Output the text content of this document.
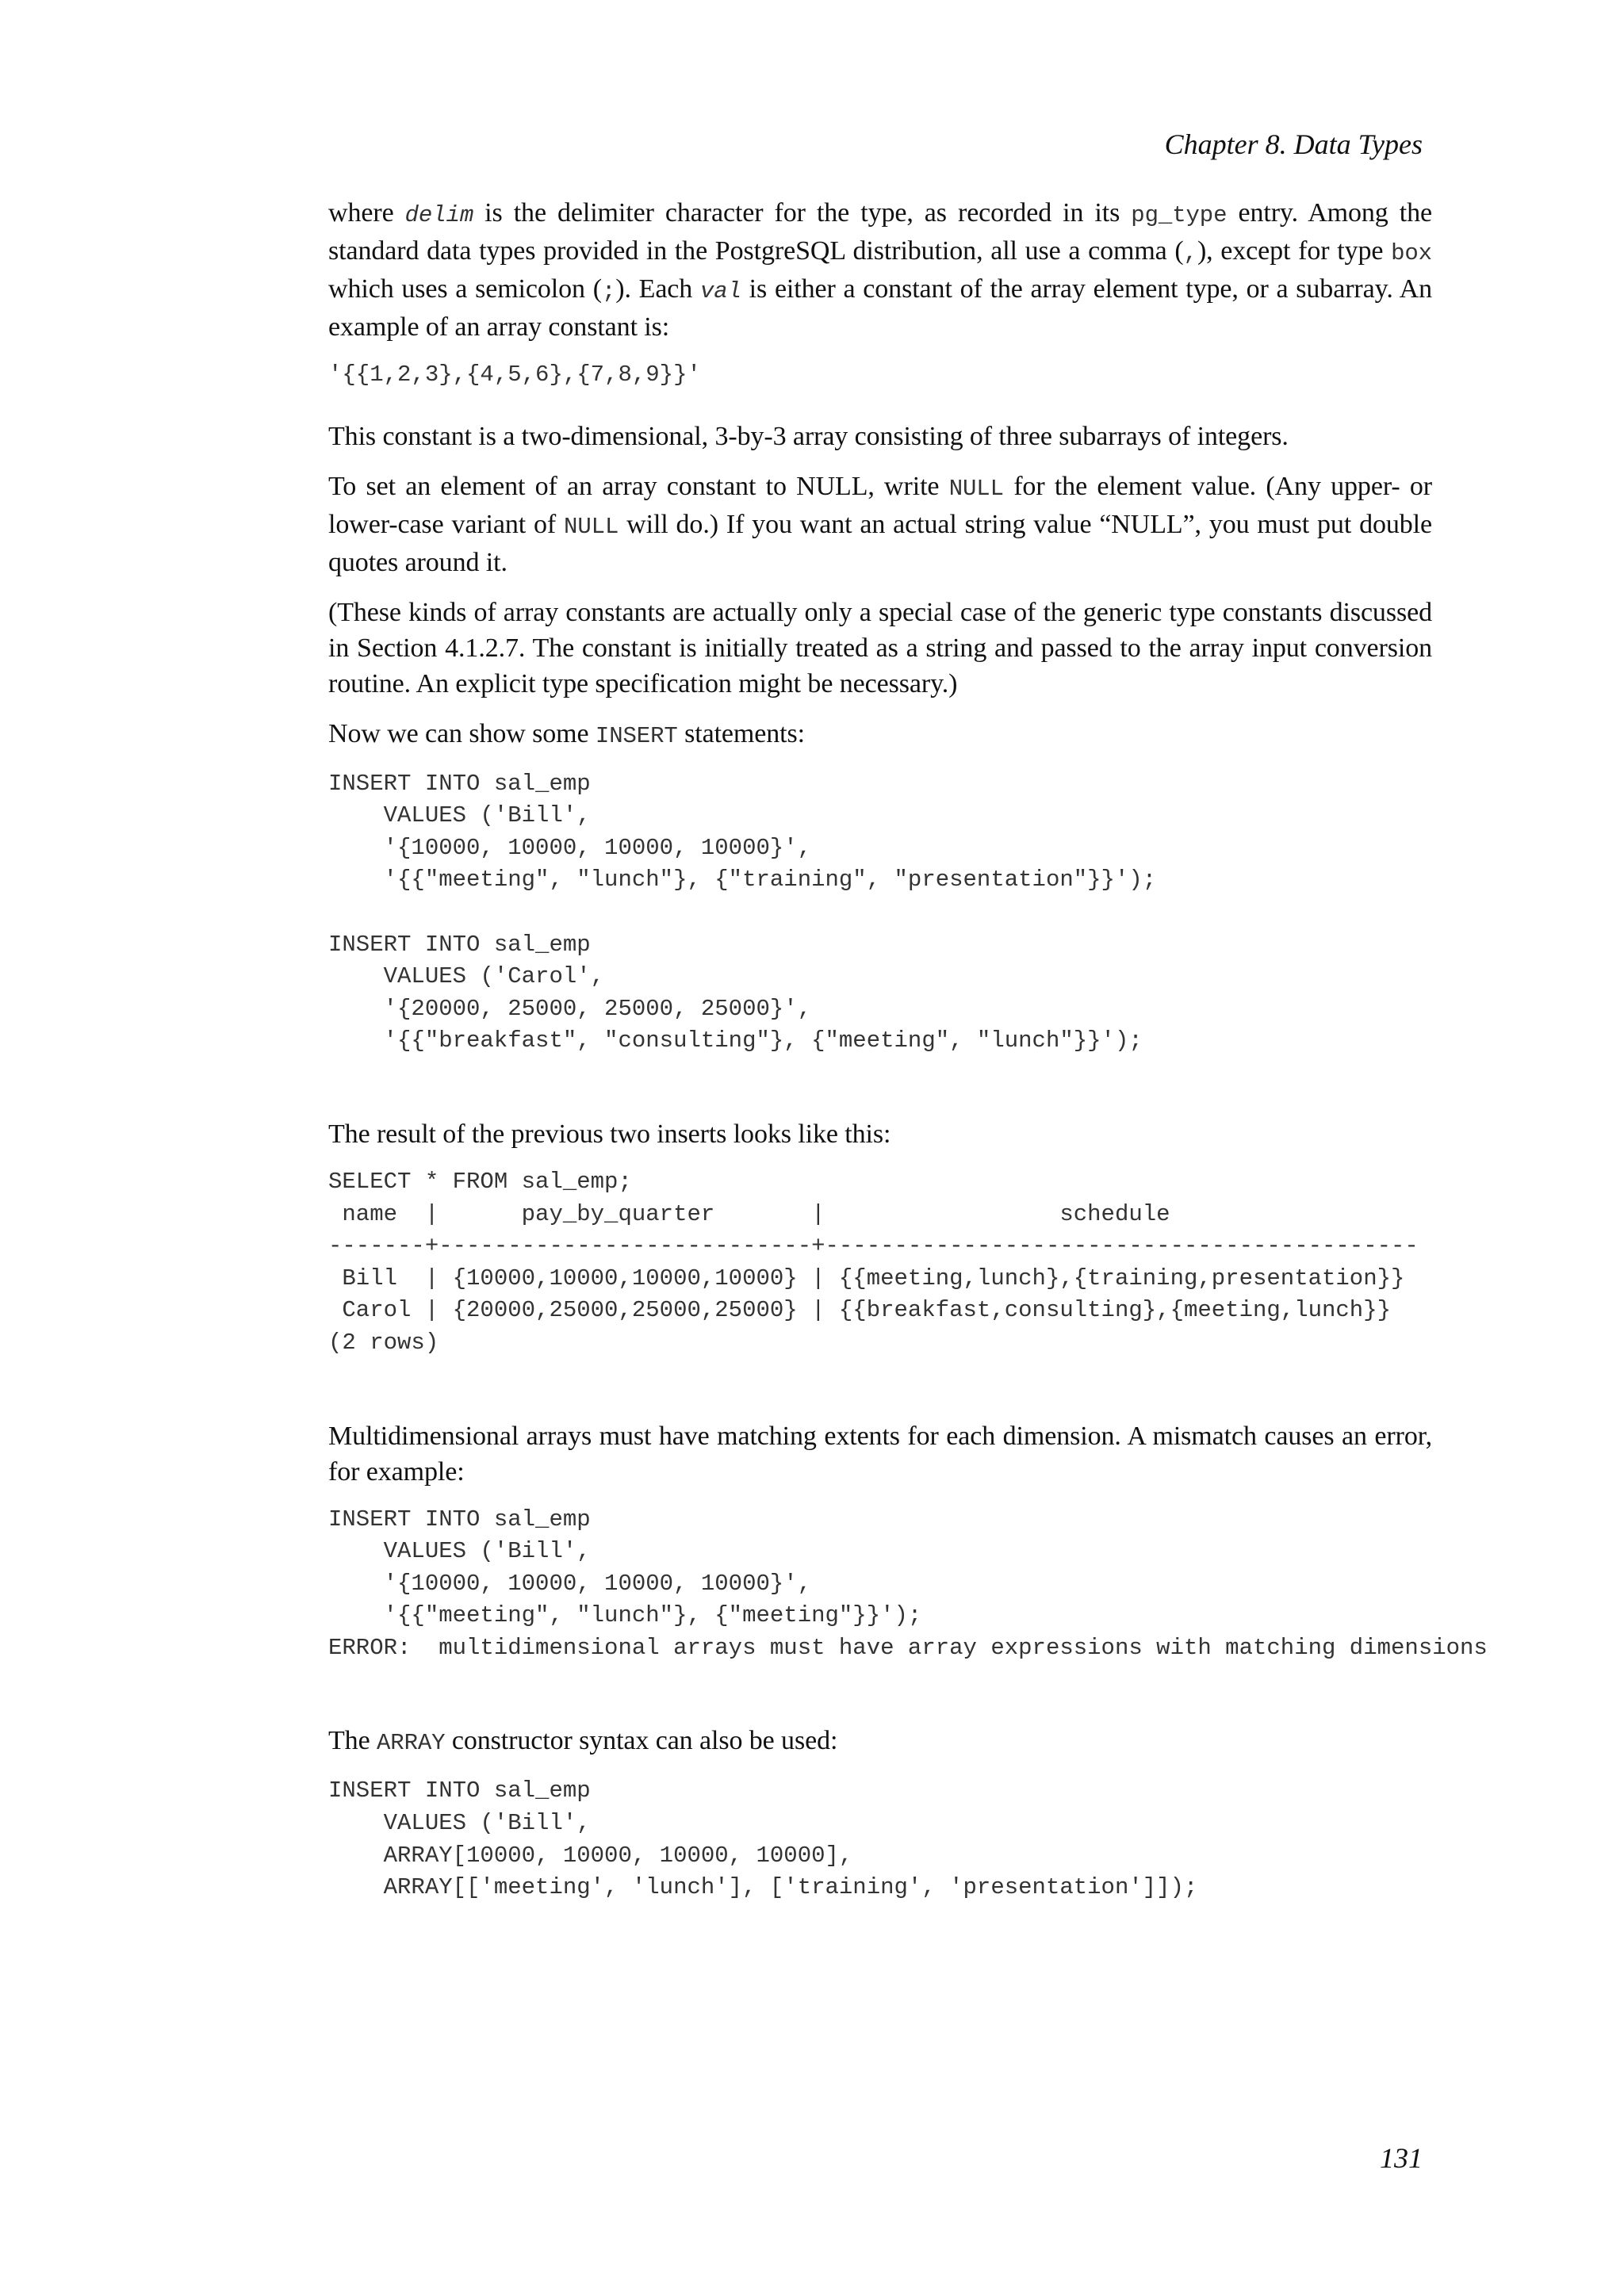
Chapter 8. Data Types

where delim is the delimiter character for the type, as recorded in its pg_type entry. Among the standard data types provided in the PostgreSQL distribution, all use a comma (,), except for type box which uses a semicolon (;). Each val is either a constant of the array element type, or a subarray. An example of an array constant is:

'{{1,2,3},{4,5,6},{7,8,9}}'

This constant is a two-dimensional, 3-by-3 array consisting of three subarrays of integers.

To set an element of an array constant to NULL, write NULL for the element value. (Any upper- or lower-case variant of NULL will do.) If you want an actual string value “NULL”, you must put double quotes around it.

(These kinds of array constants are actually only a special case of the generic type constants discussed in Section 4.1.2.7. The constant is initially treated as a string and passed to the array input conversion routine. An explicit type specification might be necessary.)

Now we can show some INSERT statements:

INSERT INTO sal_emp
VALUES ('Bill',
'{10000, 10000, 10000, 10000}',
'{{"meeting", "lunch"}, {"training", "presentation"}}');

INSERT INTO sal_emp
VALUES ('Carol',
'{20000, 25000, 25000, 25000}',
'{{"breakfast", "consulting"}, {"meeting", "lunch"}}');

The result of the previous two inserts looks like this:

SELECT * FROM sal_emp;
name  |      pay_by_quarter       |                 schedule
-------+---------------------------+-------------------------------------------
Bill  | {10000,10000,10000,10000} | {{meeting,lunch},{training,presentation}}
Carol | {20000,25000,25000,25000} | {{breakfast,consulting},{meeting,lunch}}
(2 rows)

Multidimensional arrays must have matching extents for each dimension. A mismatch causes an error, for example:

INSERT INTO sal_emp
VALUES ('Bill',
'{10000, 10000, 10000, 10000}',
'{{"meeting", "lunch"}, {"meeting"}}');
ERROR:  multidimensional arrays must have array expressions with matching dimensions

The ARRAY constructor syntax can also be used:

INSERT INTO sal_emp
VALUES ('Bill',
ARRAY[10000, 10000, 10000, 10000],
ARRAY[['meeting', 'lunch'], ['training', 'presentation']]);
131
